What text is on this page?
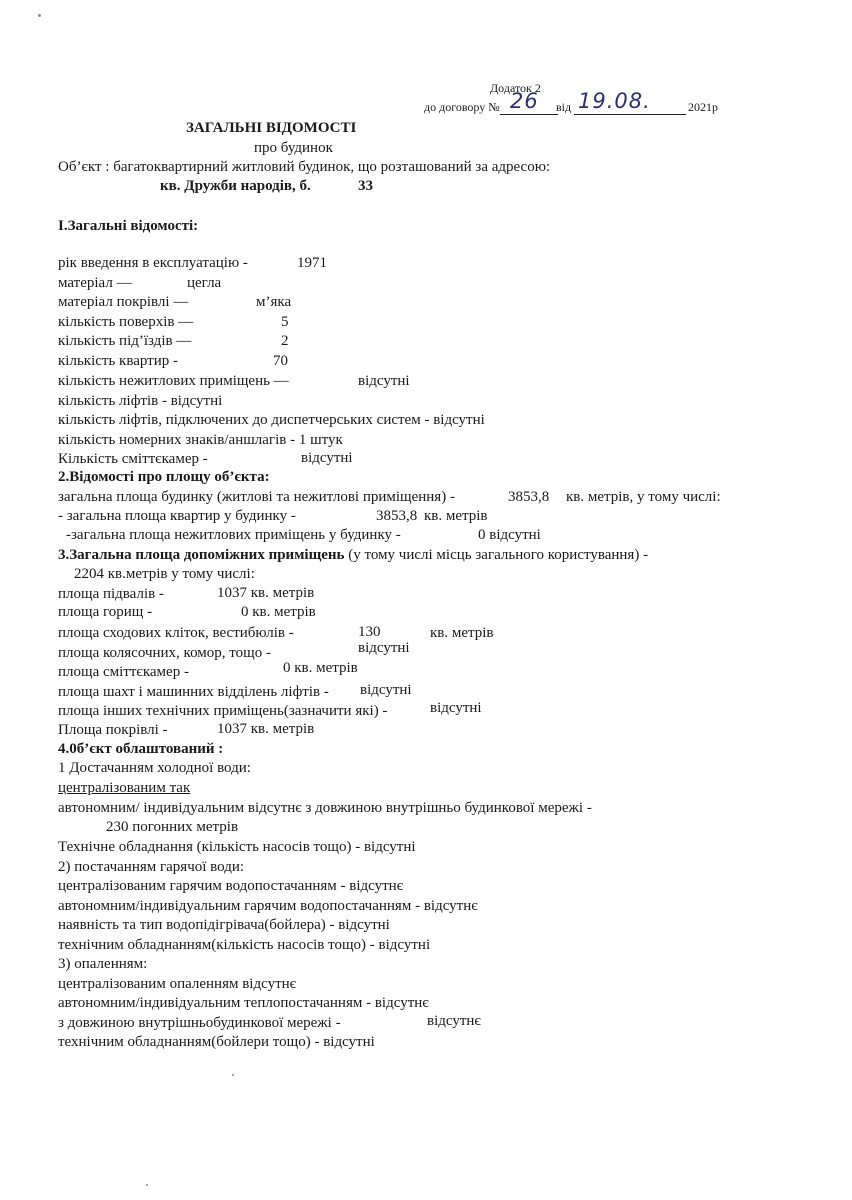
Додаток 2
до договору № 26 від 19.08.	2021р
ЗАГАЛЬНІ ВІДОМОСТІ
про будинок
Об’єкт : багатоквартирний житловий будинок, що розташований за адресою:
кв. Дружби народів, б.	33
I.Загальні відомості:
рік введення в експлуатацію -	1971
матеріал —	цегла
матеріал покрівлі —	м’яка
кількість поверхів —	5
кількість під’їздів —	2
кількість квартир -	70
кількість нежитлових приміщень —	відсутні
кількість ліфтів - відсутні
кількість ліфтів, підключених до диспетчерських систем - відсутні
кількість номерних знаків/аншлагів - 1 штук
Кількість сміттєкамер -	відсутні
2.Відомості про площу об’єкта:
загальна площа будинку (житлові та нежитлові приміщення) -	3853,8 кв. метрів, у тому числі:
- загальна площа квартир у будинку -	3853,8 кв. метрів
-загальна площа нежитлових приміщень у будинку -	0 відсутні
3.Загальна площа допоміжних приміщень (у тому числі місць загального користування) -
2204 кв.метрів у тому числі:
площа підвалів -	1037 кв. метрів
площа горищ -	0 кв. метрів
площа сходових кліток, вестибюлів -	130	кв. метрів
площа колясочних, комор, тощо -	відсутні
площа сміттєкамер -	0 кв. метрів
площа шахт і машинних відділень ліфтів - відсутні
площа інших технічних приміщень(зазначити які) -	відсутні
Площа покрівлі -	1037 кв. метрів
4.0б’єкт облаштований :
1 Достачанням холодної води:
централізованим так
автономним/ індивідуальним відсутнє з довжиною внутрішньо будинкової мережі -
230 погонних метрів
Технічне обладнання (кількість насосів тощо) - відсутні
2) постачанням гарячої води:
централізованим гарячим водопостачанням - відсутнє
автономним/індивідуальним гарячим водопостачанням - відсутнє
наявність та тип водопідігрівача(бойлера) - відсутні
технічним обладнанням(кількість насосів тощо) - відсутні
3) опаленням:
централізованим опаленням відсутнє
автономним/індивідуальним теплопостачанням - відсутнє
з довжиною внутрішньобудинкової мережі -	відсутнє
технічним обладнанням(бойлери тощо) - відсутні
